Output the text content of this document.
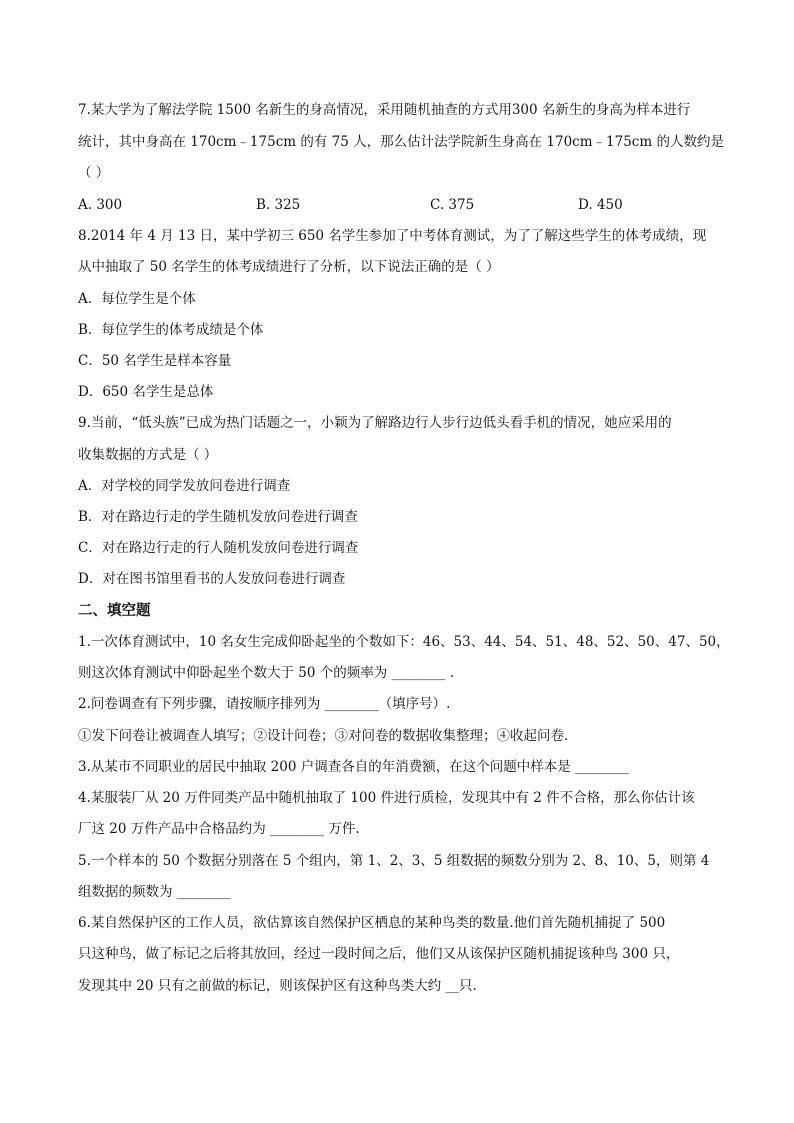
7.某大学为了解法学院 1500 名新生的身高情况，采用随机抽查的方式用300 名新生的身高为样本进行
统计，其中身高在 170cm﹣175cm 的有 75 人，那么估计法学院新生身高在 170cm﹣175cm 的人数约是
（ ）
A. 300	B. 325	C. 375	D. 450
8.2014 年 4 月 13 日，某中学初三 650 名学生参加了中考体育测试，为了了解这些学生的体考成绩，现
从中抽取了 50 名学生的体考成绩进行了分析，以下说法正确的是（ ）
A．每位学生是个体
B．每位学生的体考成绩是个体
C．50 名学生是样本容量
D．650 名学生是总体
9.当前，“低头族”已成为热门话题之一，小颖为了解路边行人步行边低头看手机的情况，她应采用的
收集数据的方式是（ ）
A．对学校的同学发放问卷进行调查
B．对在路边行走的学生随机发放问卷进行调查
C．对在路边行走的行人随机发放问卷进行调查
D．对在图书馆里看书的人发放问卷进行调查
二、填空题
1.一次体育测试中，10 名女生完成仰卧起坐的个数如下：46、53、44、54、51、48、52、50、47、50，
则这次体育测试中仰卧起坐个数大于 50 个的频率为 ________ .
2.问卷调查有下列步骤，请按顺序排列为 ________（填序号）.
①发下问卷让被调查人填写；②设计问卷；③对问卷的数据收集整理；④收起问卷.
3.从某市不同职业的居民中抽取 200 户调查各自的年消费额，在这个问题中样本是 ________
4.某服装厂从 20 万件同类产品中随机抽取了 100 件进行质检，发现其中有 2 件不合格，那么你估计该
厂这 20 万件产品中合格品约为 ________ 万件.
5.一个样本的 50 个数据分别落在 5 个组内，第 1、2、3、5 组数据的频数分别为 2、8、10、5，则第 4
组数据的频数为 ________
6.某自然保护区的工作人员，欲估算该自然保护区栖息的某种鸟类的数量.他们首先随机捕捉了 500
只这种鸟，做了标记之后将其放回，经过一段时间之后，他们又从该保护区随机捕捉该种鸟 300 只，
发现其中 20 只有之前做的标记，则该保护区有这种鸟类大约 __只.
